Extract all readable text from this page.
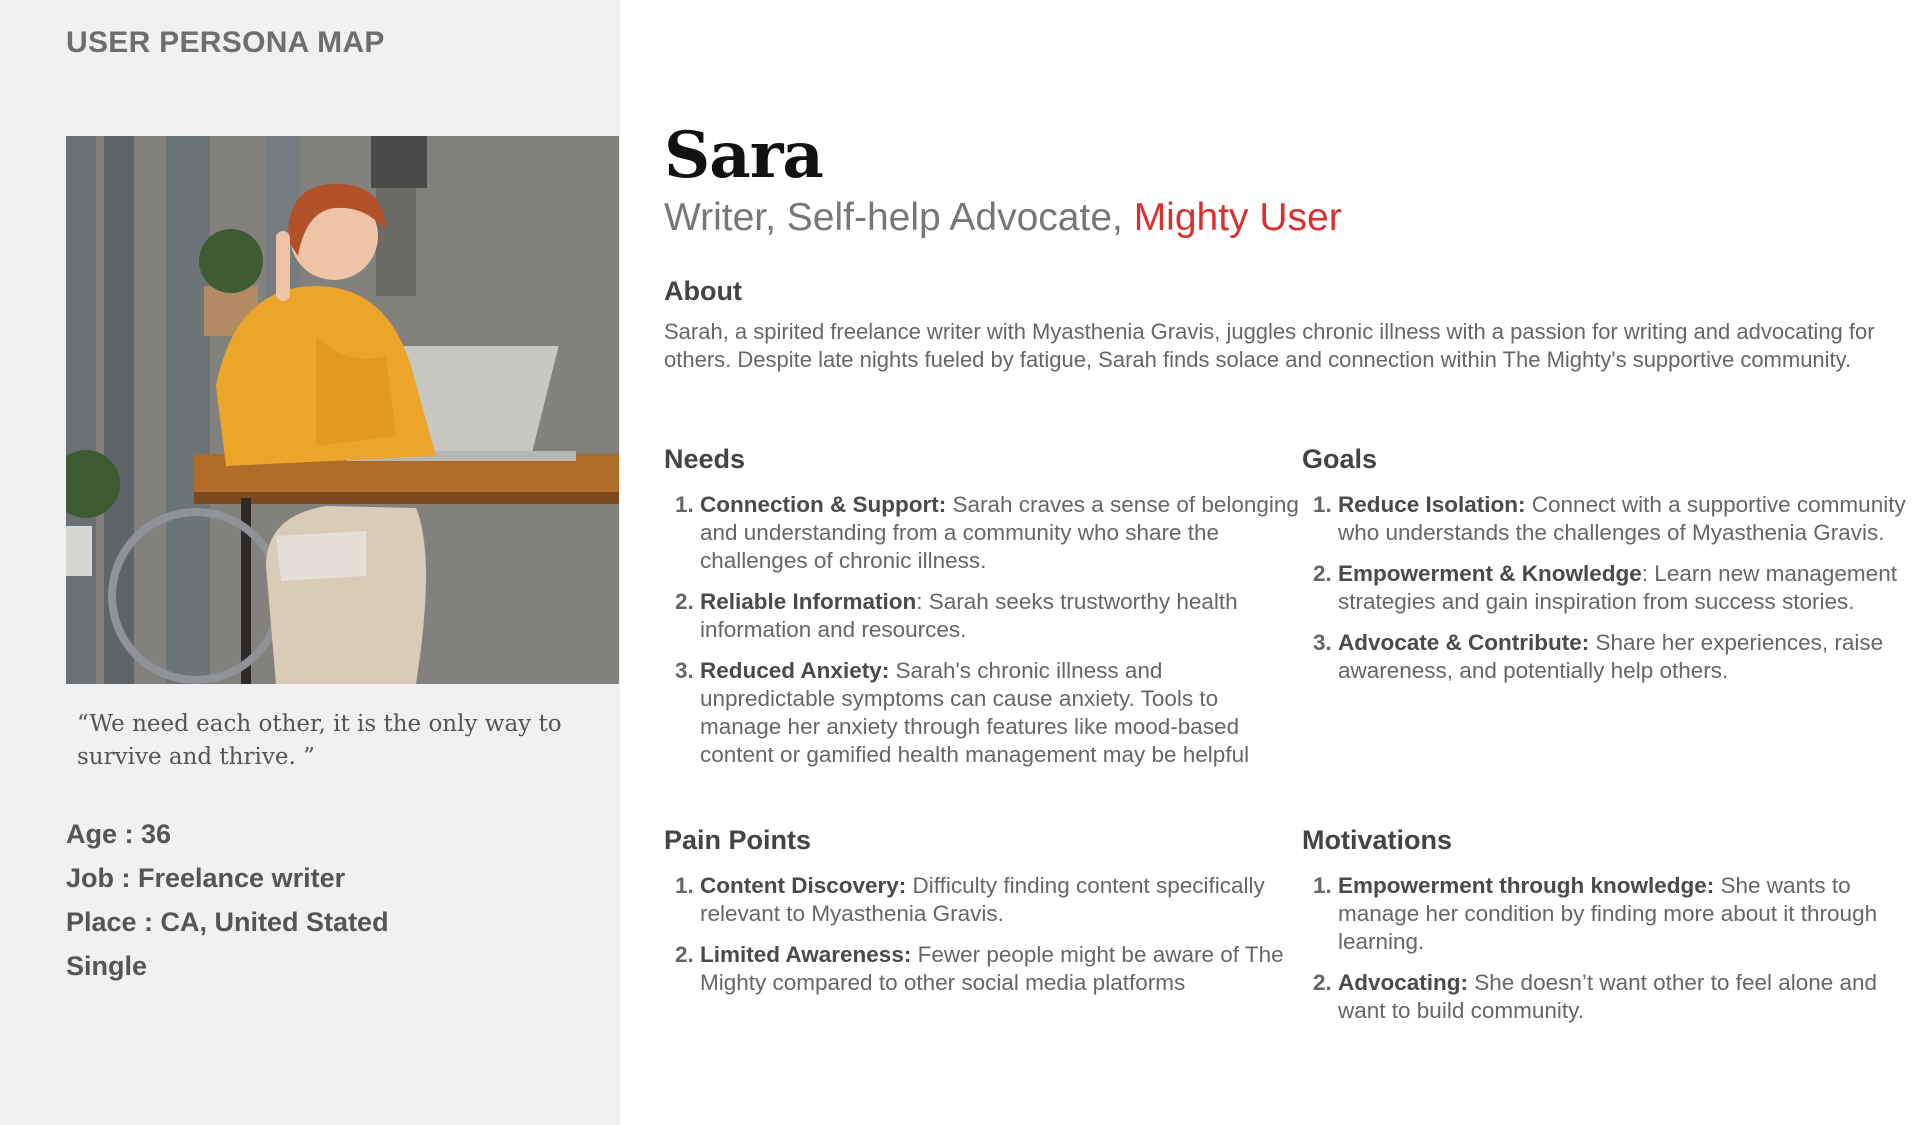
USER PERSONA MAP
“We need each other, it is the only way to survive and thrive. ”
Age : 36
Job : Freelance writer
Place : CA, United Stated
Single
Sara
Writer, Self-help Advocate, Mighty User
About
Sarah, a spirited freelance writer with Myasthenia Gravis, juggles chronic illness with a passion for writing and advocating for others. Despite late nights fueled by fatigue, Sarah finds solace and connection within The Mighty's supportive community.
Needs
1. Connection & Support: Sarah craves a sense of belonging and understanding from a community who share the challenges of chronic illness.
2. Reliable Information: Sarah seeks trustworthy health information and resources.
3. Reduced Anxiety: Sarah's chronic illness and unpredictable symptoms can cause anxiety. Tools to manage her anxiety through features like mood-based content or gamified health management may be helpful
Goals
1. Reduce Isolation: Connect with a supportive community who understands the challenges of Myasthenia Gravis.
2. Empowerment & Knowledge: Learn new management strategies and gain inspiration from success stories.
3. Advocate & Contribute: Share her experiences, raise awareness, and potentially help others.
Pain Points
1. Content Discovery: Difficulty finding content specifically relevant to Myasthenia Gravis.
2. Limited Awareness: Fewer people might be aware of The Mighty compared to other social media platforms
Motivations
1. Empowerment through knowledge: She wants to manage her condition by finding more about it through learning.
2. Advocating: She doesn’t want other to feel alone and want to build community.
